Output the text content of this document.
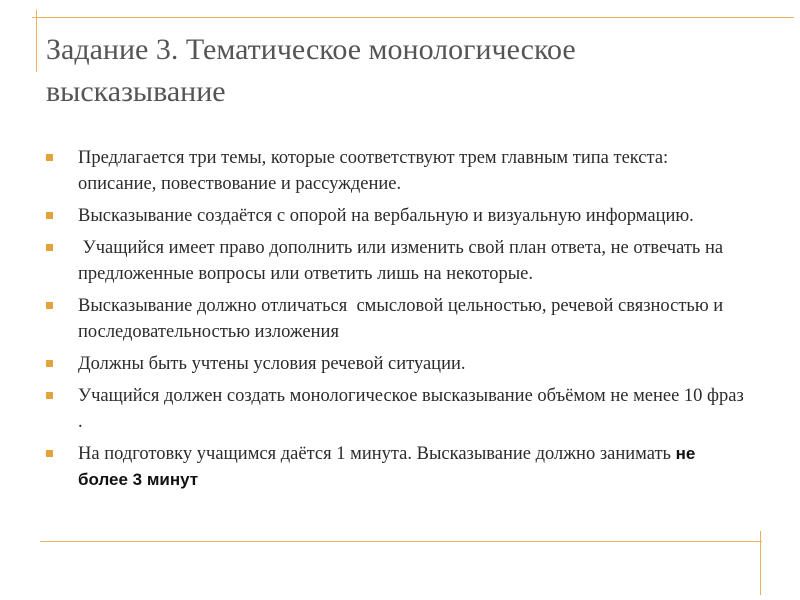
Задание 3. Тематическое монологическое высказывание
Предлагается три темы, которые соответствуют трем главным типа текста: описание, повествование и рассуждение.
Высказывание создаётся с опорой на вербальную и визуальную информацию.
Учащийся имеет право дополнить или изменить свой план ответа, не отвечать на предложенные вопросы или ответить лишь на некоторые.
Высказывание должно отличаться  смысловой цельностью, речевой связностью и последовательностью изложения
Должны быть учтены условия речевой ситуации.
Учащийся должен создать монологическое высказывание объёмом не менее 10 фраз .
На подготовку учащимся даётся 1 минута. Высказывание должно занимать не более 3 минут
